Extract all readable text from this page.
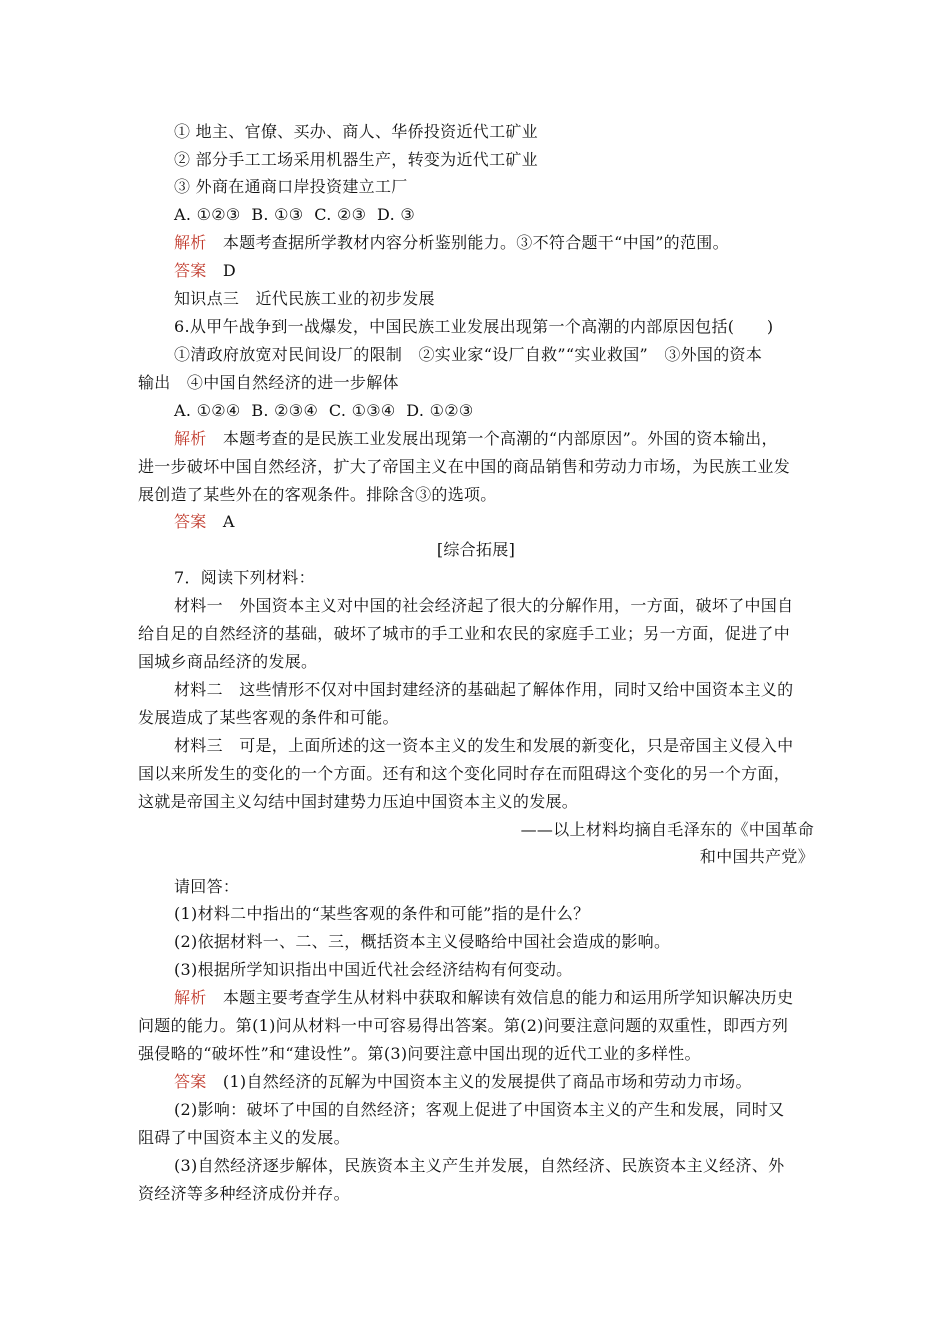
① 地主、官僚、买办、商人、华侨投资近代工矿业
② 部分手工工场采用机器生产，转变为近代工矿业
③ 外商在通商口岸投资建立工厂
A. ①②③  B. ①③  C. ②③  D. ③
解析　本题考查据所学教材内容分析鉴别能力。③不符合题干“中国”的范围。
答案　D
知识点三　近代民族工业的初步发展
6.从甲午战争到一战爆发，中国民族工业发展出现第一个高潮的内部原因包括(　　)
①清政府放宽对民间设厂的限制　②实业家“设厂自救”“实业救国”　③外国的资本
输出　④中国自然经济的进一步解体
A. ①②④  B. ②③④  C. ①③④  D. ①②③
解析　本题考查的是民族工业发展出现第一个高潮的“内部原因”。外国的资本输出，
进一步破坏中国自然经济，扩大了帝国主义在中国的商品销售和劳动力市场，为民族工业发
展创造了某些外在的客观条件。排除含③的选项。
答案　A
[综合拓展]
7．阅读下列材料：
材料一　外国资本主义对中国的社会经济起了很大的分解作用，一方面，破坏了中国自
给自足的自然经济的基础，破坏了城市的手工业和农民的家庭手工业；另一方面，促进了中
国城乡商品经济的发展。
材料二　这些情形不仅对中国封建经济的基础起了解体作用，同时又给中国资本主义的
发展造成了某些客观的条件和可能。
材料三　可是，上面所述的这一资本主义的发生和发展的新变化，只是帝国主义侵入中
国以来所发生的变化的一个方面。还有和这个变化同时存在而阻碍这个变化的另一个方面，
这就是帝国主义勾结中国封建势力压迫中国资本主义的发展。
——以上材料均摘自毛泽东的《中国革命
和中国共产党》
请回答：
(1)材料二中指出的“某些客观的条件和可能”指的是什么？
(2)依据材料一、二、三，概括资本主义侵略给中国社会造成的影响。
(3)根据所学知识指出中国近代社会经济结构有何变动。
解析　本题主要考查学生从材料中获取和解读有效信息的能力和运用所学知识解决历史
问题的能力。第(1)问从材料一中可容易得出答案。第(2)问要注意问题的双重性，即西方列
强侵略的“破坏性”和“建设性”。第(3)问要注意中国出现的近代工业的多样性。
答案　(1)自然经济的瓦解为中国资本主义的发展提供了商品市场和劳动力市场。
(2)影响：破坏了中国的自然经济；客观上促进了中国资本主义的产生和发展，同时又
阻碍了中国资本主义的发展。
(3)自然经济逐步解体，民族资本主义产生并发展，自然经济、民族资本主义经济、外
资经济等多种经济成份并存。
